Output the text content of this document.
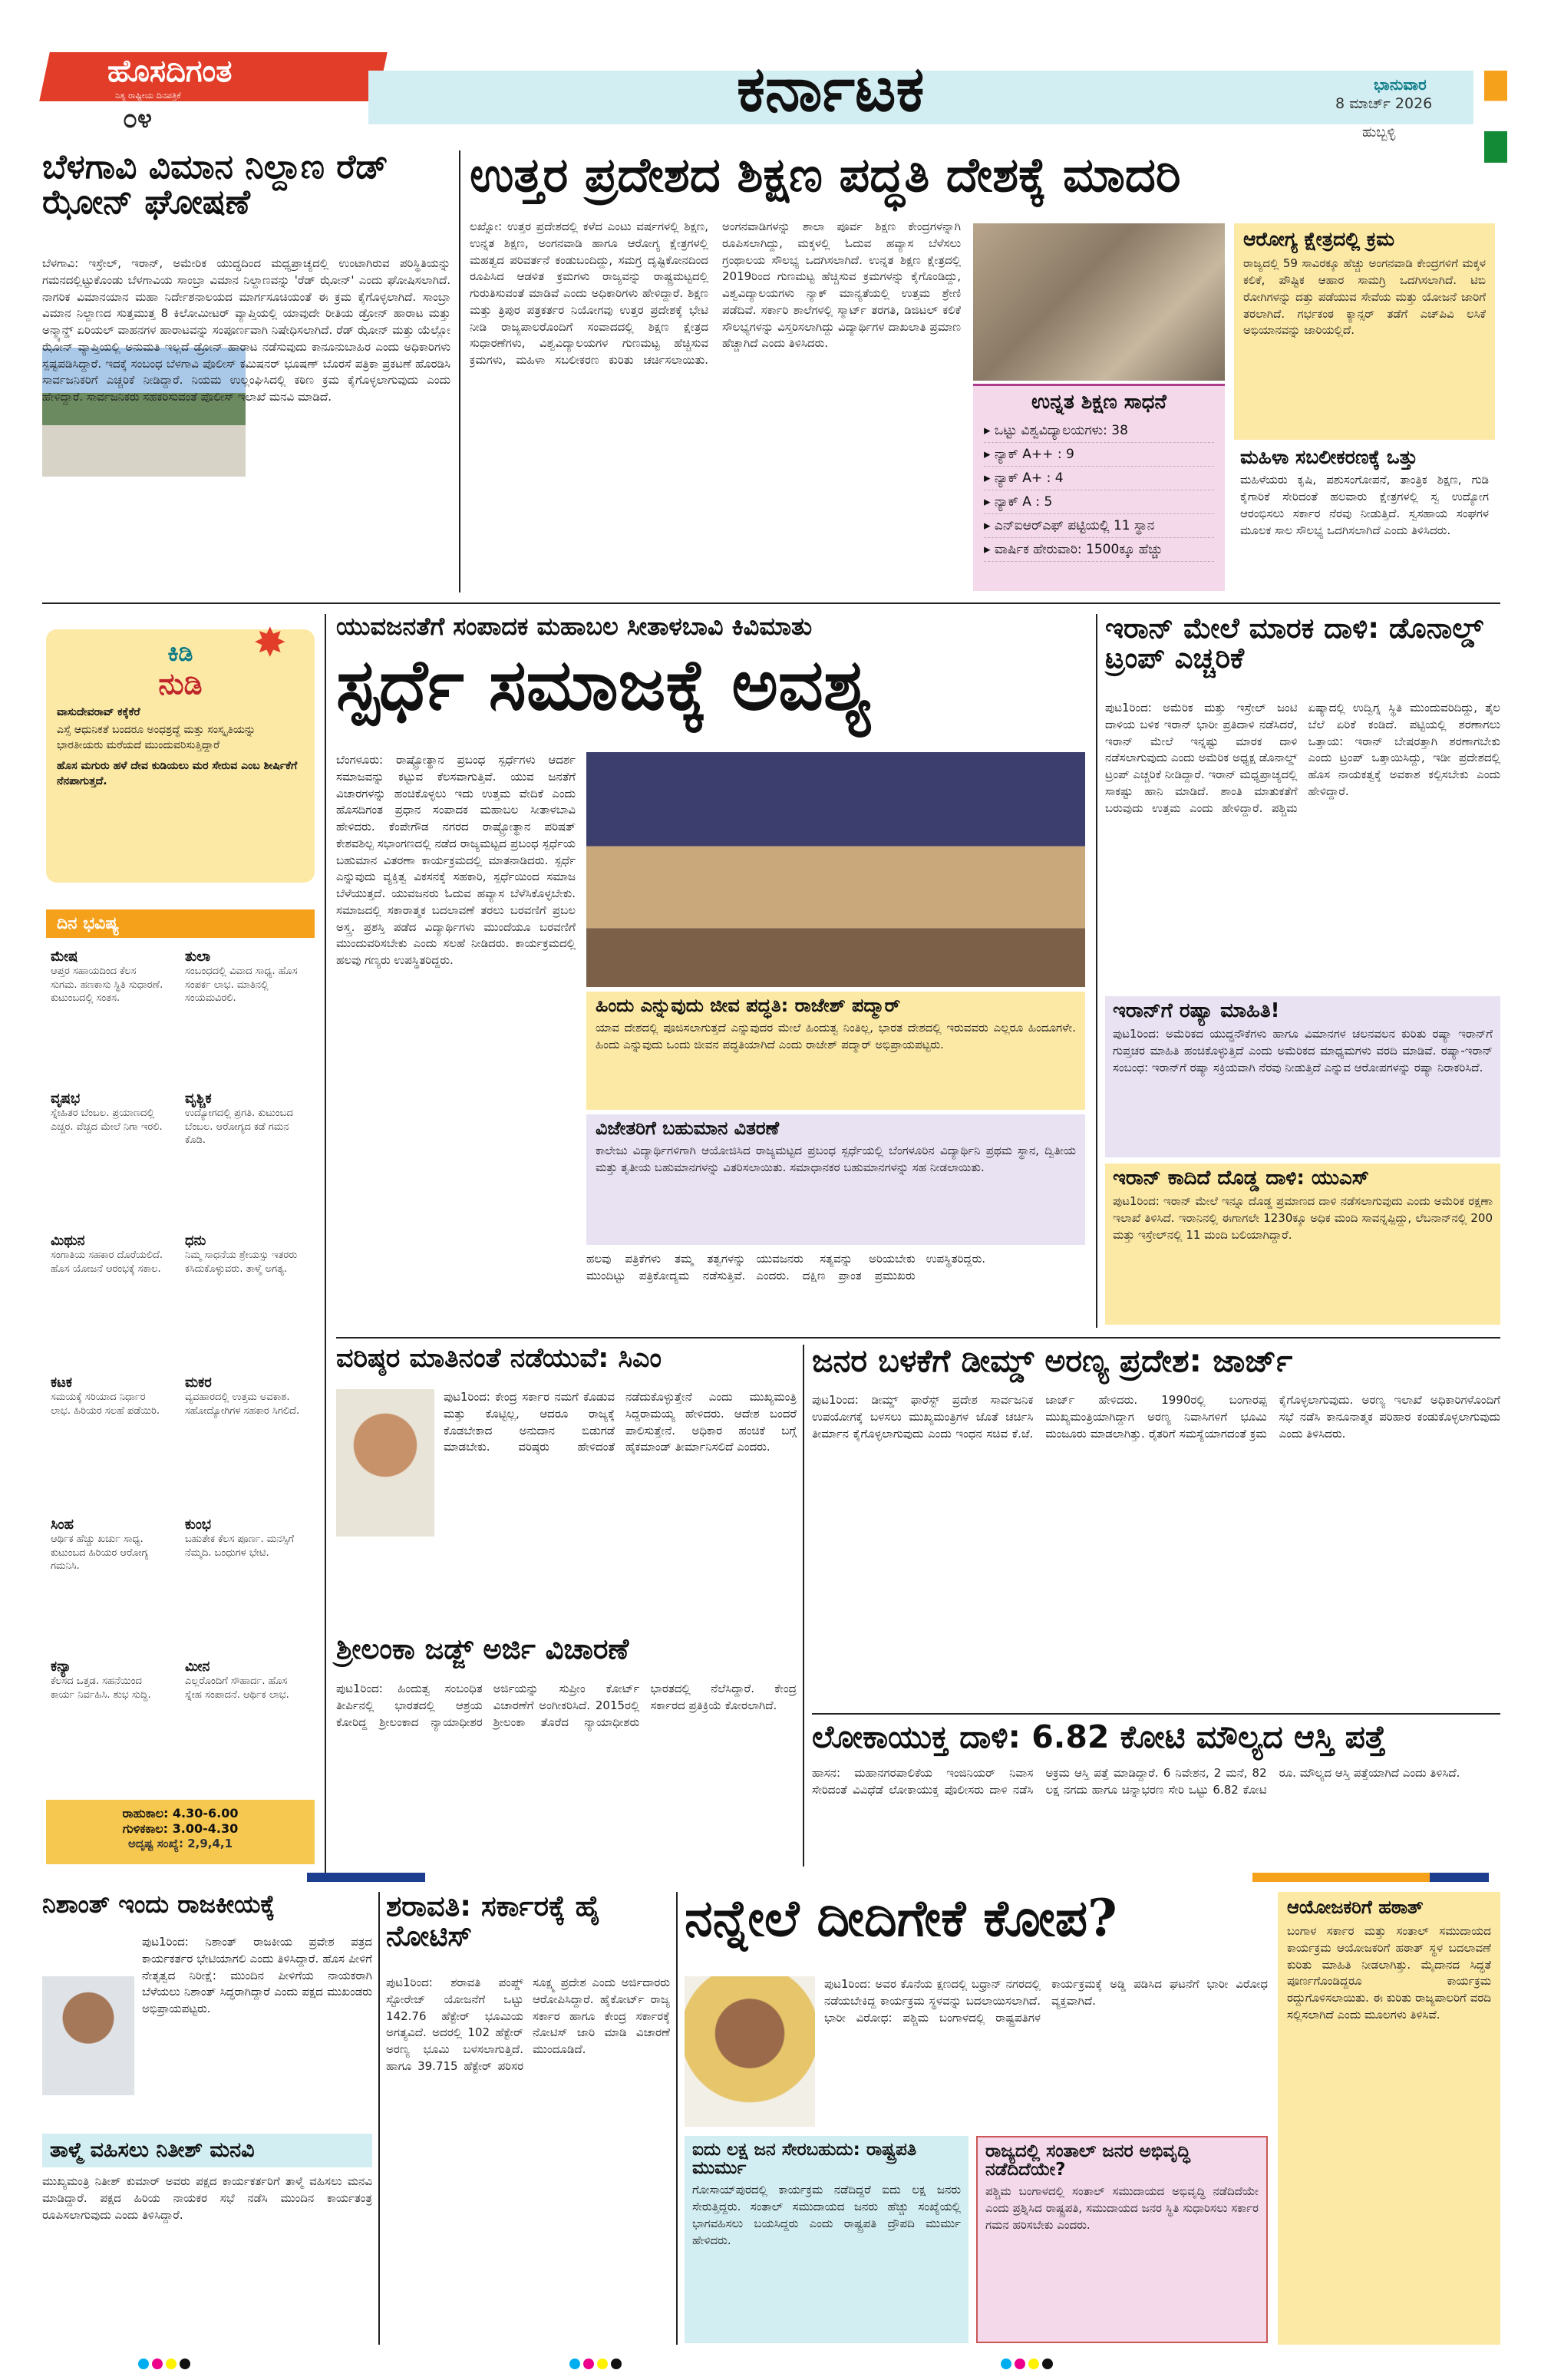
ಹೊಸದಿಗಂತ
ನಿತ್ಯ ರಾಷ್ಟ್ರೀಯ ದಿನಪತ್ರಿಕೆ
೦೪	ಕರ್ನಾಟಕ	ಭಾನುವಾರ
8 ಮಾರ್ಚ್ 2026
ಹುಬ್ಬಳ್ಳಿ
ಬೆಳಗಾವಿ ವಿಮಾನ ನಿಲ್ದಾಣ ರೆಡ್ ಝೋನ್ ಘೋಷಣೆ
ಬೆಳಗಾವಿ: ಇಸ್ರೇಲ್, ಇರಾನ್, ಅಮೇರಿಕ ಯುದ್ಧದಿಂದ ಮಧ್ಯಪ್ರಾಚ್ಯದಲ್ಲಿ ಉಂಟಾಗಿರುವ ಪರಿಸ್ಥಿತಿಯನ್ನು ಗಮನದಲ್ಲಿಟ್ಟುಕೊಂಡು ಬೆಳಗಾವಿಯ ಸಾಂಬ್ರಾ ವಿಮಾನ ನಿಲ್ದಾಣವನ್ನು 'ರೆಡ್ ಝೋನ್' ಎಂದು ಘೋಷಿಸಲಾಗಿದೆ. ನಾಗರಿಕ ವಿಮಾನಯಾನ ಮಹಾ ನಿರ್ದೇಶನಾಲಯದ ಮಾರ್ಗಸೂಚಿಯಂತೆ ಈ ಕ್ರಮ ಕೈಗೊಳ್ಳಲಾಗಿದೆ. ಸಾಂಬ್ರಾ ವಿಮಾನ ನಿಲ್ದಾಣದ ಸುತ್ತಮುತ್ತ 8 ಕಿಲೋಮೀಟರ್ ವ್ಯಾಪ್ತಿಯಲ್ಲಿ ಯಾವುದೇ ರೀತಿಯ ಡ್ರೋನ್ ಹಾರಾಟ ಮತ್ತು ಅನ್ಮ್ಯಾನ್ಡ್ ಏರಿಯಲ್ ವಾಹನಗಳ ಹಾರಾಟವನ್ನು ಸಂಪೂರ್ಣವಾಗಿ ನಿಷೇಧಿಸಲಾಗಿದೆ. ರೆಡ್ ಝೋನ್ ಮತ್ತು ಯೆಲ್ಲೋ ಝೋನ್ ವ್ಯಾಪ್ತಿಯಲ್ಲಿ ಅನುಮತಿ ಇಲ್ಲದೆ ಡ್ರೋನ್ ಹಾರಾಟ ನಡೆಸುವುದು ಕಾನೂನುಬಾಹಿರ ಎಂದು ಅಧಿಕಾರಿಗಳು ಸ್ಪಷ್ಟಪಡಿಸಿದ್ದಾರೆ. ಇದಕ್ಕೆ ಸಂಬಂಧ ಬೆಳಗಾವಿ ಪೊಲೀಸ್ ಕಮಿಷನರ್ ಭೂಷಣ್ ಬೊರಸೆ ಪತ್ರಿಕಾ ಪ್ರಕಟಣೆ ಹೊರಡಿಸಿ ಸಾರ್ವಜನಿಕರಿಗೆ ಎಚ್ಚರಿಕೆ ನೀಡಿದ್ದಾರೆ. ನಿಯಮ ಉಲ್ಲಂಘಿಸಿದಲ್ಲಿ ಕಠಿಣ ಕ್ರಮ ಕೈಗೊಳ್ಳಲಾಗುವುದು ಎಂದು ಹೇಳಿದ್ದಾರೆ. ಸಾರ್ವಜನಿಕರು ಸಹಕರಿಸುವಂತೆ ಪೊಲೀಸ್ ಇಲಾಖೆ ಮನವಿ ಮಾಡಿದೆ.
ಉತ್ತರ ಪ್ರದೇಶದ ಶಿಕ್ಷಣ ಪದ್ಧತಿ ದೇಶಕ್ಕೆ ಮಾದರಿ
ಲಖ್ನೋ: ಉತ್ತರ ಪ್ರದೇಶದಲ್ಲಿ ಕಳೆದ ಎಂಟು ವರ್ಷಗಳಲ್ಲಿ ಶಿಕ್ಷಣ, ಉನ್ನತ ಶಿಕ್ಷಣ, ಅಂಗನವಾಡಿ ಹಾಗೂ ಆರೋಗ್ಯ ಕ್ಷೇತ್ರಗಳಲ್ಲಿ ಮಹತ್ವದ ಪರಿವರ್ತನೆ ಕಂಡುಬಂದಿದ್ದು, ಸಮಗ್ರ ದೃಷ್ಟಿಕೋನದಿಂದ ರೂಪಿಸಿದ ಆಡಳಿತ ಕ್ರಮಗಳು ರಾಜ್ಯವನ್ನು ರಾಷ್ಟ್ರಮಟ್ಟದಲ್ಲಿ ಗುರುತಿಸುವಂತೆ ಮಾಡಿವೆ ಎಂದು ಅಧಿಕಾರಿಗಳು ಹೇಳಿದ್ದಾರೆ. ಶಿಕ್ಷಣ ಮತ್ತು ತ್ರಿಪುರ ಪತ್ರಕರ್ತರ ನಿಯೋಗವು ಉತ್ತರ ಪ್ರದೇಶಕ್ಕೆ ಭೇಟಿ ನೀಡಿ ರಾಜ್ಯಪಾಲರೊಂದಿಗೆ ಸಂವಾದದಲ್ಲಿ ಶಿಕ್ಷಣ ಕ್ಷೇತ್ರದ ಸುಧಾರಣೆಗಳು, ವಿಶ್ವವಿದ್ಯಾಲಯಗಳ ಗುಣಮಟ್ಟ ಹೆಚ್ಚಿಸುವ ಕ್ರಮಗಳು, ಮಹಿಳಾ ಸಬಲೀಕರಣ ಕುರಿತು ಚರ್ಚಿಸಲಾಯಿತು. ಅಂಗನವಾಡಿಗಳನ್ನು ಶಾಲಾ ಪೂರ್ವ ಶಿಕ್ಷಣ ಕೇಂದ್ರಗಳನ್ನಾಗಿ ರೂಪಿಸಲಾಗಿದ್ದು, ಮಕ್ಕಳಲ್ಲಿ ಓದುವ ಹವ್ಯಾಸ ಬೆಳೆಸಲು ಗ್ರಂಥಾಲಯ ಸೌಲಭ್ಯ ಒದಗಿಸಲಾಗಿದೆ. ಉನ್ನತ ಶಿಕ್ಷಣ ಕ್ಷೇತ್ರದಲ್ಲಿ 2019ರಿಂದ ಗುಣಮಟ್ಟ ಹೆಚ್ಚಿಸುವ ಕ್ರಮಗಳನ್ನು ಕೈಗೊಂಡಿದ್ದು, ವಿಶ್ವವಿದ್ಯಾಲಯಗಳು ನ್ಯಾಕ್ ಮಾನ್ಯತೆಯಲ್ಲಿ ಉತ್ತಮ ಶ್ರೇಣಿ ಪಡೆದಿವೆ. ಸರ್ಕಾರಿ ಶಾಲೆಗಳಲ್ಲಿ ಸ್ಮಾರ್ಟ್ ತರಗತಿ, ಡಿಜಿಟಲ್ ಕಲಿಕೆ ಸೌಲಭ್ಯಗಳನ್ನು ವಿಸ್ತರಿಸಲಾಗಿದ್ದು ವಿದ್ಯಾರ್ಥಿಗಳ ದಾಖಲಾತಿ ಪ್ರಮಾಣ ಹೆಚ್ಚಾಗಿದೆ ಎಂದು ತಿಳಿಸಿದರು.
ಉನ್ನತ ಶಿಕ್ಷಣ ಸಾಧನೆ
▸ ಒಟ್ಟು ವಿಶ್ವವಿದ್ಯಾಲಯಗಳು: 38
▸ ನ್ಯಾಕ್ A++ : 9
▸ ನ್ಯಾಕ್ A+ : 4
▸ ನ್ಯಾಕ್ A : 5
▸ ಎನ್‌ಐಆರ್‌ಎಫ್ ಪಟ್ಟಿಯಲ್ಲಿ 11 ಸ್ಥಾನ
▸ ವಾರ್ಷಿಕ ಹೇರುವಾರಿ: 1500ಕ್ಕೂ ಹೆಚ್ಚು
ಆರೋಗ್ಯ ಕ್ಷೇತ್ರದಲ್ಲಿ ಕ್ರಮ
ರಾಜ್ಯದಲ್ಲಿ 59 ಸಾವಿರಕ್ಕೂ ಹೆಚ್ಚು ಅಂಗನವಾಡಿ ಕೇಂದ್ರಗಳಿಗೆ ಮಕ್ಕಳ ಕಲಿಕೆ, ಪೌಷ್ಟಿಕ ಆಹಾರ ಸಾಮಗ್ರಿ ಒದಗಿಸಲಾಗಿದೆ. ಟಿಬಿ ರೋಗಿಗಳನ್ನು ದತ್ತು ಪಡೆಯುವ ಸೇವೆಯ ಮತ್ತು ಯೋಜನೆ ಜಾರಿಗೆ ತರಲಾಗಿದೆ. ಗರ್ಭಕಂಠ ಕ್ಯಾನ್ಸರ್ ತಡೆಗೆ ಎಚ್‌ಪಿವಿ ಲಸಿಕೆ ಅಭಿಯಾನವನ್ನು ಜಾರಿಯಲ್ಲಿದೆ.
ಮಹಿಳಾ ಸಬಲೀಕರಣಕ್ಕೆ ಒತ್ತು
ಮಹಿಳೆಯರು ಕೃಷಿ, ಪಶುಸಂಗೋಪನೆ, ತಾಂತ್ರಿಕ ಶಿಕ್ಷಣ, ಗುಡಿ ಕೈಗಾರಿಕೆ ಸೇರಿದಂತೆ ಹಲವಾರು ಕ್ಷೇತ್ರಗಳಲ್ಲಿ ಸ್ವ ಉದ್ಯೋಗ ಆರಂಭಿಸಲು ಸರ್ಕಾರ ನೆರವು ನೀಡುತ್ತಿದೆ. ಸ್ವಸಹಾಯ ಸಂಘಗಳ ಮೂಲಕ ಸಾಲ ಸೌಲಭ್ಯ ಒದಗಿಸಲಾಗಿದೆ ಎಂದು ತಿಳಿಸಿದರು.
ಕಿಡಿ
ನುಡಿ
ವಾಸುದೇವರಾವ್ ಕಕ್ಕೆಕೆರೆ
ಎಸ್ಸೆ ಆಧುನಿಕತೆ ಬಂದರೂ ಅಂಧಶ್ರದ್ಧೆ ಮತ್ತು ಸಂಸ್ಕೃತಿಯನ್ನು ಭಾರತೀಯರು ಮರೆಯದೆ ಮುಂದುವರಿಸುತ್ತಿದ್ದಾರೆ
ಹೊಸ ಮಗುರು ಹಳೆ ದೇವ ಕುಡಿಯಲು ಮರ ಸೇರುವ ಎಂಬ ಶೀರ್ಷಿಕೆಗೆ ನೆನಪಾಗುತ್ತದೆ.
✸
ದಿನ ಭವಿಷ್ಯ
ಮೇಷ
ಆಪ್ತರ ಸಹಾಯದಿಂದ ಕೆಲಸ ಸುಗಮ. ಹಣಕಾಸು ಸ್ಥಿತಿ ಸುಧಾರಣೆ. ಕುಟುಂಬದಲ್ಲಿ ಸಂತಸ.
ತುಲಾ
ಸಂಬಂಧದಲ್ಲಿ ವಿವಾದ ಸಾಧ್ಯ. ಹೊಸ ಸಂಪರ್ಕ ಲಾಭ. ಮಾತಿನಲ್ಲಿ ಸಂಯಮವಿರಲಿ.
ವೃಷಭ
ಸ್ನೇಹಿತರ ಬೆಂಬಲ. ಪ್ರಯಾಣದಲ್ಲಿ ಎಚ್ಚರ. ವೆಚ್ಚದ ಮೇಲೆ ನಿಗಾ ಇರಲಿ.
ವೃಶ್ಚಿಕ
ಉದ್ಯೋಗದಲ್ಲಿ ಪ್ರಗತಿ. ಕುಟುಂಬದ ಬೆಂಬಲ. ಆರೋಗ್ಯದ ಕಡೆ ಗಮನ ಕೊಡಿ.
ಮಿಥುನ
ಸಂಗಾತಿಯ ಸಹಕಾರ ದೊರೆಯಲಿದೆ. ಹೊಸ ಯೋಜನೆ ಆರಂಭಕ್ಕೆ ಸಕಾಲ.
ಧನು
ನಿಮ್ಮ ಸಾಧನೆಯ ಶ್ರೇಯಸ್ಸು ಇತರರು ಕಸಿದುಕೊಳ್ಳುವರು. ತಾಳ್ಮೆ ಅಗತ್ಯ.
ಕಟಕ
ಸಮಯಕ್ಕೆ ಸರಿಯಾದ ನಿರ್ಧಾರ ಲಾಭ. ಹಿರಿಯರ ಸಲಹೆ ಪಡೆಯಿರಿ.
ಮಕರ
ವ್ಯವಹಾರದಲ್ಲಿ ಉತ್ತಮ ಅವಕಾಶ. ಸಹೋದ್ಯೋಗಿಗಳ ಸಹಕಾರ ಸಿಗಲಿದೆ.
ಸಿಂಹ
ಆರ್ಥಿಕ ಹೆಚ್ಚು ಖರ್ಚು ಸಾಧ್ಯ. ಕುಟುಂಬದ ಹಿರಿಯರ ಆರೋಗ್ಯ ಗಮನಿಸಿ.
ಕುಂಭ
ಬಹುತೇಕ ಕೆಲಸ ಪೂರ್ಣ. ಮನಸ್ಸಿಗೆ ನೆಮ್ಮದಿ. ಬಂಧುಗಳ ಭೇಟಿ.
ಕನ್ಯಾ
ಕೆಲಸದ ಒತ್ತಡ. ಸಹನೆಯಿಂದ ಕಾರ್ಯ ನಿರ್ವಹಿಸಿ. ಶುಭ ಸುದ್ದಿ.
ಮೀನ
ಎಲ್ಲರೊಂದಿಗೆ ಸೌಹಾರ್ದ. ಹೊಸ ಸ್ನೇಹ ಸಂಪಾದನೆ. ಆರ್ಥಿಕ ಲಾಭ.
ರಾಹುಕಾಲ: 4.30-6.00
ಗುಳಿಕಕಾಲ: 3.00-4.30
ಅದೃಷ್ಟ ಸಂಖ್ಯೆ: 2,9,4,1
ಯುವಜನತೆಗೆ ಸಂಪಾದಕ ಮಹಾಬಲ ಸೀತಾಳಬಾವಿ ಕಿವಿಮಾತು
ಸ್ಪರ್ಧೆ ಸಮಾಜಕ್ಕೆ ಅವಶ್ಯ
ಬೆಂಗಳೂರು: ರಾಷ್ಟ್ರೋತ್ಥಾನ ಪ್ರಬಂಧ ಸ್ಪರ್ಧೆಗಳು ಆದರ್ಶ ಸಮಾಜವನ್ನು ಕಟ್ಟುವ ಕೆಲಸವಾಗುತ್ತಿವೆ. ಯುವ ಜನತೆಗೆ ವಿಚಾರಗಳನ್ನು ಹಂಚಿಕೊಳ್ಳಲು ಇದು ಉತ್ತಮ ವೇದಿಕೆ ಎಂದು ಹೊಸದಿಗಂತ ಪ್ರಧಾನ ಸಂಪಾದಕ ಮಹಾಬಲ ಸೀತಾಳಬಾವಿ ಹೇಳಿದರು. ಕೆಂಪೇಗೌಡ ನಗರದ ರಾಷ್ಟ್ರೋತ್ಥಾನ ಪರಿಷತ್ ಕೇಶವಶಿಲ್ಪ ಸಭಾಂಗಣದಲ್ಲಿ ನಡೆದ ರಾಜ್ಯಮಟ್ಟದ ಪ್ರಬಂಧ ಸ್ಪರ್ಧೆಯ ಬಹುಮಾನ ವಿತರಣಾ ಕಾರ್ಯಕ್ರಮದಲ್ಲಿ ಮಾತನಾಡಿದರು. ಸ್ಪರ್ಧೆ ಎನ್ನುವುದು ವ್ಯಕ್ತಿತ್ವ ವಿಕಸನಕ್ಕೆ ಸಹಕಾರಿ, ಸ್ಪರ್ಧೆಯಿಂದ ಸಮಾಜ ಬೆಳೆಯುತ್ತದೆ. ಯುವಜನರು ಓದುವ ಹವ್ಯಾಸ ಬೆಳೆಸಿಕೊಳ್ಳಬೇಕು. ಸಮಾಜದಲ್ಲಿ ಸಕಾರಾತ್ಮಕ ಬದಲಾವಣೆ ತರಲು ಬರವಣಿಗೆ ಪ್ರಬಲ ಅಸ್ತ್ರ. ಪ್ರಶಸ್ತಿ ಪಡೆದ ವಿದ್ಯಾರ್ಥಿಗಳು ಮುಂದೆಯೂ ಬರವಣಿಗೆ ಮುಂದುವರಿಸಬೇಕು ಎಂದು ಸಲಹೆ ನೀಡಿದರು. ಕಾರ್ಯಕ್ರಮದಲ್ಲಿ ಹಲವು ಗಣ್ಯರು ಉಪಸ್ಥಿತರಿದ್ದರು.
ಹಿಂದು ಎನ್ನುವುದು ಜೀವ ಪದ್ಧತಿ: ರಾಜೇಶ್ ಪದ್ಮಾರ್
ಯಾವ ದೇಶದಲ್ಲಿ ಪೂಜಿಸಲಾಗುತ್ತದೆ ಎನ್ನುವುದರ ಮೇಲೆ ಹಿಂದುತ್ವ ನಿಂತಿಲ್ಲ, ಭಾರತ ದೇಶದಲ್ಲಿ ಇರುವವರು ಎಲ್ಲರೂ ಹಿಂದೂಗಳೇ. ಹಿಂದು ಎನ್ನುವುದು ಒಂದು ಜೀವನ ಪದ್ಧತಿಯಾಗಿದೆ ಎಂದು ರಾಜೇಶ್ ಪದ್ಮಾರ್ ಅಭಿಪ್ರಾಯಪಟ್ಟರು.
ವಿಜೇತರಿಗೆ ಬಹುಮಾನ ವಿತರಣೆ
ಕಾಲೇಜು ವಿದ್ಯಾರ್ಥಿಗಳಿಗಾಗಿ ಆಯೋಜಿಸಿದ ರಾಜ್ಯಮಟ್ಟದ ಪ್ರಬಂಧ ಸ್ಪರ್ಧೆಯಲ್ಲಿ ಬೆಂಗಳೂರಿನ ವಿದ್ಯಾರ್ಥಿನಿ ಪ್ರಥಮ ಸ್ಥಾನ, ದ್ವಿತೀಯ ಮತ್ತು ತೃತೀಯ ಬಹುಮಾನಗಳನ್ನು ವಿತರಿಸಲಾಯಿತು. ಸಮಾಧಾನಕರ ಬಹುಮಾನಗಳನ್ನು ಸಹ ನೀಡಲಾಯಿತು.
ಹಲವು ಪತ್ರಿಕೆಗಳು ತಮ್ಮ ತತ್ವಗಳನ್ನು ಮುಂದಿಟ್ಟು ಪತ್ರಿಕೋದ್ಯಮ ನಡೆಸುತ್ತಿವೆ. ಯುವಜನರು ಸತ್ಯವನ್ನು ಅರಿಯಬೇಕು ಎಂದರು. ದಕ್ಷಿಣ ಪ್ರಾಂತ ಪ್ರಮುಖರು ಉಪಸ್ಥಿತರಿದ್ದರು.
ಇರಾನ್ ಮೇಲೆ ಮಾರಕ ದಾಳಿ: ಡೊನಾಲ್ಡ್ ಟ್ರಂಪ್ ಎಚ್ಚರಿಕೆ
ಪುಟ1ರಿಂದ: ಅಮೆರಿಕ ಮತ್ತು ಇಸ್ರೇಲ್ ಜಂಟಿ ದಾಳಿಯ ಬಳಿಕ ಇರಾನ್ ಭಾರೀ ಪ್ರತಿದಾಳಿ ನಡೆಸಿದರೆ, ಇರಾನ್ ಮೇಲೆ ಇನ್ನಷ್ಟು ಮಾರಕ ದಾಳಿ ನಡೆಸಲಾಗುವುದು ಎಂದು ಅಮೆರಿಕ ಅಧ್ಯಕ್ಷ ಡೊನಾಲ್ಡ್ ಟ್ರಂಪ್ ಎಚ್ಚರಿಕೆ ನೀಡಿದ್ದಾರೆ. ಇರಾನ್ ಮಧ್ಯಪ್ರಾಚ್ಯದಲ್ಲಿ ಸಾಕಷ್ಟು ಹಾನಿ ಮಾಡಿದೆ. ಶಾಂತಿ ಮಾತುಕತೆಗೆ ಬರುವುದು ಉತ್ತಮ ಎಂದು ಹೇಳಿದ್ದಾರೆ. ಪಶ್ಚಿಮ ಏಷ್ಯಾದಲ್ಲಿ ಉದ್ವಿಗ್ನ ಸ್ಥಿತಿ ಮುಂದುವರಿದಿದ್ದು, ತೈಲ ಬೆಲೆ ಏರಿಕೆ ಕಂಡಿದೆ. ಪಟ್ಟಿಯಲ್ಲಿ ಶರಣಾಗಲು ಒತ್ತಾಯ: ಇರಾನ್ ಬೇಷರತ್ತಾಗಿ ಶರಣಾಗಬೇಕು ಎಂದು ಟ್ರಂಪ್ ಒತ್ತಾಯಿಸಿದ್ದು, ಇಡೀ ಪ್ರದೇಶದಲ್ಲಿ ಹೊಸ ನಾಯಕತ್ವಕ್ಕೆ ಅವಕಾಶ ಕಲ್ಪಿಸಬೇಕು ಎಂದು ಹೇಳಿದ್ದಾರೆ.
ಇರಾನ್‌ಗೆ ರಷ್ಯಾ ಮಾಹಿತಿ!
ಪುಟ1ರಿಂದ: ಅಮೆರಿಕದ ಯುದ್ಧನೌಕೆಗಳು ಹಾಗೂ ವಿಮಾನಗಳ ಚಲನವಲನ ಕುರಿತು ರಷ್ಯಾ ಇರಾನ್‌ಗೆ ಗುಪ್ತಚರ ಮಾಹಿತಿ ಹಂಚಿಕೊಳ್ಳುತ್ತಿದೆ ಎಂದು ಅಮೆರಿಕದ ಮಾಧ್ಯಮಗಳು ವರದಿ ಮಾಡಿವೆ. ರಷ್ಯಾ-ಇರಾನ್ ಸಂಬಂಧ: ಇರಾನ್‌ಗೆ ರಷ್ಯಾ ಸಕ್ರಿಯವಾಗಿ ನೆರವು ನೀಡುತ್ತಿದೆ ಎನ್ನುವ ಆರೋಪಗಳನ್ನು ರಷ್ಯಾ ನಿರಾಕರಿಸಿದೆ.
ಇರಾನ್ ಕಾದಿದೆ ದೊಡ್ಡ ದಾಳಿ: ಯುಎಸ್
ಪುಟ1ರಿಂದ: ಇರಾನ್ ಮೇಲೆ ಇನ್ನೂ ದೊಡ್ಡ ಪ್ರಮಾಣದ ದಾಳಿ ನಡೆಸಲಾಗುವುದು ಎಂದು ಅಮೆರಿಕ ರಕ್ಷಣಾ ಇಲಾಖೆ ತಿಳಿಸಿದೆ. ಇರಾನಿನಲ್ಲಿ ಈಗಾಗಲೇ 1230ಕ್ಕೂ ಅಧಿಕ ಮಂದಿ ಸಾವನ್ನಪ್ಪಿದ್ದು, ಲೆಬನಾನ್‌ನಲ್ಲಿ 200 ಮತ್ತು ಇಸ್ರೇಲ್‌ನಲ್ಲಿ 11 ಮಂದಿ ಬಲಿಯಾಗಿದ್ದಾರೆ.
ವರಿಷ್ಠರ ಮಾತಿನಂತೆ ನಡೆಯುವೆ: ಸಿಎಂ
ಪುಟ1ರಿಂದ: ಕೇಂದ್ರ ಸರ್ಕಾರ ನಮಗೆ ಕೊಡುವ ಮತ್ತು ಕೊಟ್ಟಿಲ್ಲ, ಆದರೂ ರಾಜ್ಯಕ್ಕೆ ಕೊಡಬೇಕಾದ ಅನುದಾನ ಬಿಡುಗಡೆ ಮಾಡಬೇಕು. ವರಿಷ್ಠರು ಹೇಳಿದಂತೆ ನಡೆದುಕೊಳ್ಳುತ್ತೇನೆ ಎಂದು ಮುಖ್ಯಮಂತ್ರಿ ಸಿದ್ದರಾಮಯ್ಯ ಹೇಳಿದರು. ಆದೇಶ ಬಂದರೆ ಪಾಲಿಸುತ್ತೇನೆ. ಅಧಿಕಾರ ಹಂಚಿಕೆ ಬಗ್ಗೆ ಹೈಕಮಾಂಡ್ ತೀರ್ಮಾನಿಸಲಿದೆ ಎಂದರು.
ಶ್ರೀಲಂಕಾ ಜಡ್ಜ್ ಅರ್ಜಿ ವಿಚಾರಣೆ
ಪುಟ1ರಿಂದ: ಹಿಂದುತ್ವ ಸಂಬಂಧಿತ ತೀರ್ಪಿನಲ್ಲಿ ಭಾರತದಲ್ಲಿ ಆಶ್ರಯ ಕೋರಿದ್ದ ಶ್ರೀಲಂಕಾದ ನ್ಯಾಯಾಧೀಶರ ಅರ್ಜಿಯನ್ನು ಸುಪ್ರೀಂ ಕೋರ್ಟ್ ವಿಚಾರಣೆಗೆ ಅಂಗೀಕರಿಸಿದೆ. 2015ರಲ್ಲಿ ಶ್ರೀಲಂಕಾ ತೊರೆದ ನ್ಯಾಯಾಧೀಶರು ಭಾರತದಲ್ಲಿ ನೆಲೆಸಿದ್ದಾರೆ. ಕೇಂದ್ರ ಸರ್ಕಾರದ ಪ್ರತಿಕ್ರಿಯೆ ಕೋರಲಾಗಿದೆ.
ಜನರ ಬಳಕೆಗೆ ಡೀಮ್ಡ್ ಅರಣ್ಯ ಪ್ರದೇಶ: ಜಾರ್ಜ್
ಪುಟ1ರಿಂದ: ಡೀಮ್ಡ್ ಫಾರೆಸ್ಟ್ ಪ್ರದೇಶ ಸಾರ್ವಜನಿಕ ಉಪಯೋಗಕ್ಕೆ ಬಳಸಲು ಮುಖ್ಯಮಂತ್ರಿಗಳ ಜೊತೆ ಚರ್ಚಿಸಿ ತೀರ್ಮಾನ ಕೈಗೊಳ್ಳಲಾಗುವುದು ಎಂದು ಇಂಧನ ಸಚಿವ ಕೆ.ಜೆ. ಜಾರ್ಜ್ ಹೇಳಿದರು. 1990ರಲ್ಲಿ ಬಂಗಾರಪ್ಪ ಮುಖ್ಯಮಂತ್ರಿಯಾಗಿದ್ದಾಗ ಅರಣ್ಯ ನಿವಾಸಿಗಳಿಗೆ ಭೂಮಿ ಮಂಜೂರು ಮಾಡಲಾಗಿತ್ತು. ರೈತರಿಗೆ ಸಮಸ್ಯೆಯಾಗದಂತೆ ಕ್ರಮ ಕೈಗೊಳ್ಳಲಾಗುವುದು. ಅರಣ್ಯ ಇಲಾಖೆ ಅಧಿಕಾರಿಗಳೊಂದಿಗೆ ಸಭೆ ನಡೆಸಿ ಕಾನೂನಾತ್ಮಕ ಪರಿಹಾರ ಕಂಡುಕೊಳ್ಳಲಾಗುವುದು ಎಂದು ತಿಳಿಸಿದರು.
ಲೋಕಾಯುಕ್ತ ದಾಳಿ: 6.82 ಕೋಟಿ ಮೌಲ್ಯದ ಆಸ್ತಿ ಪತ್ತೆ
ಹಾಸನ: ಮಹಾನಗರಪಾಲಿಕೆಯ ಇಂಜಿನಿಯರ್ ನಿವಾಸ ಸೇರಿದಂತೆ ವಿವಿಧೆಡೆ ಲೋಕಾಯುಕ್ತ ಪೊಲೀಸರು ದಾಳಿ ನಡೆಸಿ ಅಕ್ರಮ ಆಸ್ತಿ ಪತ್ತೆ ಮಾಡಿದ್ದಾರೆ. 6 ನಿವೇಶನ, 2 ಮನೆ, 82 ಲಕ್ಷ ನಗದು ಹಾಗೂ ಚಿನ್ನಾಭರಣ ಸೇರಿ ಒಟ್ಟು 6.82 ಕೋಟಿ ರೂ. ಮೌಲ್ಯದ ಆಸ್ತಿ ಪತ್ತೆಯಾಗಿದೆ ಎಂದು ತಿಳಿಸಿದೆ.
ನಿಶಾಂತ್ ಇಂದು ರಾಜಕೀಯಕ್ಕೆ
ಪುಟ1ರಿಂದ: ನಿಶಾಂತ್ ರಾಜಕೀಯ ಪ್ರವೇಶ ಪತ್ರದ ಕಾರ್ಯಕರ್ತರ ಭೇಟಿಯಾಗಲಿ ಎಂದು ತಿಳಿಸಿದ್ದಾರೆ. ಹೊಸ ಪೀಳಿಗೆ ನೇತೃತ್ವದ ನಿರೀಕ್ಷೆ: ಮುಂದಿನ ಪೀಳಿಗೆಯ ನಾಯಕರಾಗಿ ಬೆಳೆಯಲು ನಿಶಾಂತ್ ಸಿದ್ಧರಾಗಿದ್ದಾರೆ ಎಂದು ಪಕ್ಷದ ಮುಖಂಡರು ಅಭಿಪ್ರಾಯಪಟ್ಟರು.
ತಾಳ್ಮೆ ವಹಿಸಲು ನಿತೀಶ್ ಮನವಿ
ಮುಖ್ಯಮಂತ್ರಿ ನಿತೀಶ್ ಕುಮಾರ್ ಅವರು ಪಕ್ಷದ ಕಾರ್ಯಕರ್ತರಿಗೆ ತಾಳ್ಮೆ ವಹಿಸಲು ಮನವಿ ಮಾಡಿದ್ದಾರೆ. ಪಕ್ಷದ ಹಿರಿಯ ನಾಯಕರ ಸಭೆ ನಡೆಸಿ ಮುಂದಿನ ಕಾರ್ಯತಂತ್ರ ರೂಪಿಸಲಾಗುವುದು ಎಂದು ತಿಳಿಸಿದ್ದಾರೆ.
ಶರಾವತಿ: ಸರ್ಕಾರಕ್ಕೆ ಹೈ ನೋಟಿಸ್
ಪುಟ1ರಿಂದ: ಶರಾವತಿ ಪಂಪ್ಡ್ ಸ್ಟೋರೇಜ್ ಯೋಜನೆಗೆ ಒಟ್ಟು 142.76 ಹೆಕ್ಟೇರ್ ಭೂಮಿಯ ಅಗತ್ಯವಿದೆ. ಅದರಲ್ಲಿ 102 ಹೆಕ್ಟೇರ್ ಅರಣ್ಯ ಭೂಮಿ ಬಳಸಲಾಗುತ್ತಿದೆ. ಹಾಗೂ 39.715 ಹೆಕ್ಟೇರ್ ಪರಿಸರ ಸೂಕ್ಷ್ಮ ಪ್ರದೇಶ ಎಂದು ಅರ್ಜಿದಾರರು ಆರೋಪಿಸಿದ್ದಾರೆ. ಹೈಕೋರ್ಟ್ ರಾಜ್ಯ ಸರ್ಕಾರ ಹಾಗೂ ಕೇಂದ್ರ ಸರ್ಕಾರಕ್ಕೆ ನೋಟಿಸ್ ಜಾರಿ ಮಾಡಿ ವಿಚಾರಣೆ ಮುಂದೂಡಿದೆ.
ನನ್ನೇಲೆ ದೀದಿಗೇಕೆ ಕೋಪ?
ಪುಟ1ರಿಂದ: ಅವರ ಕೊನೆಯ ಕ್ಷಣದಲ್ಲಿ ಬಧ್ರಾನ್ ನಗರದಲ್ಲಿ ನಡೆಯಬೇಕಿದ್ದ ಕಾರ್ಯಕ್ರಮ ಸ್ಥಳವನ್ನು ಬದಲಾಯಿಸಲಾಗಿದೆ. ಭಾರೀ ವಿರೋಧ: ಪಶ್ಚಿಮ ಬಂಗಾಳದಲ್ಲಿ ರಾಷ್ಟ್ರಪತಿಗಳ ಕಾರ್ಯಕ್ರಮಕ್ಕೆ ಅಡ್ಡಿ ಪಡಿಸಿದ ಘಟನೆಗೆ ಭಾರೀ ವಿರೋಧ ವ್ಯಕ್ತವಾಗಿದೆ.
ಐದು ಲಕ್ಷ ಜನ ಸೇರಬಹುದು: ರಾಷ್ಟ್ರಪತಿ ಮುರ್ಮು
ಗೋಸಾಯ್‌ಪುರದಲ್ಲಿ ಕಾರ್ಯಕ್ರಮ ನಡೆದಿದ್ದರೆ ಐದು ಲಕ್ಷ ಜನರು ಸೇರುತ್ತಿದ್ದರು. ಸಂತಾಲ್ ಸಮುದಾಯದ ಜನರು ಹೆಚ್ಚು ಸಂಖ್ಯೆಯಲ್ಲಿ ಭಾಗವಹಿಸಲು ಬಯಸಿದ್ದರು ಎಂದು ರಾಷ್ಟ್ರಪತಿ ದ್ರೌಪದಿ ಮುರ್ಮು ಹೇಳಿದರು.
ರಾಜ್ಯದಲ್ಲಿ ಸಂತಾಲ್ ಜನರ ಅಭಿವೃದ್ಧಿ ನಡೆದಿದೆಯೇ?
ಪಶ್ಚಿಮ ಬಂಗಾಳದಲ್ಲಿ ಸಂತಾಲ್ ಸಮುದಾಯದ ಅಭಿವೃದ್ಧಿ ನಡೆದಿದೆಯೇ ಎಂದು ಪ್ರಶ್ನಿಸಿದ ರಾಷ್ಟ್ರಪತಿ, ಸಮುದಾಯದ ಜನರ ಸ್ಥಿತಿ ಸುಧಾರಿಸಲು ಸರ್ಕಾರ ಗಮನ ಹರಿಸಬೇಕು ಎಂದರು.
ಆಯೋಜಕರಿಗೆ ಹಠಾತ್
ಬಂಗಾಳ ಸರ್ಕಾರ ಮತ್ತು ಸಂತಾಲ್ ಸಮುದಾಯದ ಕಾರ್ಯಕ್ರಮ ಆಯೋಜಕರಿಗೆ ಹಠಾತ್ ಸ್ಥಳ ಬದಲಾವಣೆ ಕುರಿತು ಮಾಹಿತಿ ನೀಡಲಾಗಿತ್ತು. ಮೈದಾನದ ಸಿದ್ಧತೆ ಪೂರ್ಣಗೊಂಡಿದ್ದರೂ ಕಾರ್ಯಕ್ರಮ ರದ್ದುಗೊಳಿಸಲಾಯಿತು. ಈ ಕುರಿತು ರಾಜ್ಯಪಾಲರಿಗೆ ವರದಿ ಸಲ್ಲಿಸಲಾಗಿದೆ ಎಂದು ಮೂಲಗಳು ತಿಳಿಸಿವೆ.
